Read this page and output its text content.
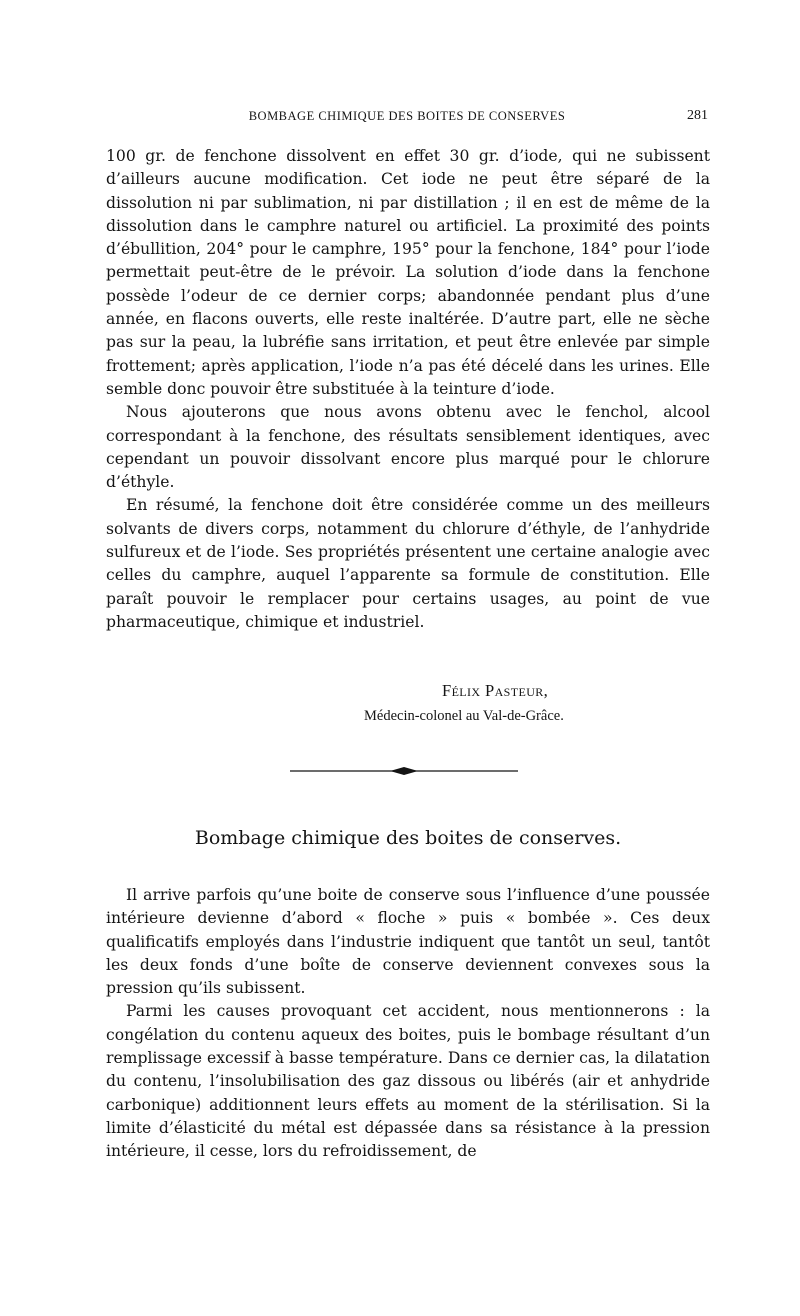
BOMBAGE CHIMIQUE DES BOITES DE CONSERVES	281

100 gr. de fenchone dissolvent en effet 30 gr. d’iode, qui ne subissent d’ailleurs aucune modification. Cet iode ne peut être séparé de la dissolution ni par sublimation, ni par distillation ; il en est de même de la dissolution dans le camphre naturel ou artificiel. La proximité des points d’ébullition, 204° pour le camphre, 195° pour la fenchone, 184° pour l’iode permettait peut-être de le prévoir. La solution d’iode dans la fenchone possède l’odeur de ce dernier corps; abandonnée pendant plus d’une année, en flacons ouverts, elle reste inaltérée. D’autre part, elle ne sèche pas sur la peau, la lubréfie sans irritation, et peut être enlevée par simple frottement; après application, l’iode n’a pas été décelé dans les urines. Elle semble donc pouvoir être substituée à la teinture d’iode.

Nous ajouterons que nous avons obtenu avec le fenchol, alcool correspondant à la fenchone, des résultats sensiblement identiques, avec cependant un pouvoir dissolvant encore plus marqué pour le chlorure d’éthyle.

En résumé, la fenchone doit être considérée comme un des meilleurs solvants de divers corps, notamment du chlorure d’éthyle, de l’anhydride sulfureux et de l’iode. Ses propriétés présentent une certaine analogie avec celles du camphre, auquel l’apparente sa formule de constitution. Elle paraît pouvoir le remplacer pour certains usages, au point de vue pharmaceutique, chimique et industriel.

Félix Pasteur,
Médecin-colonel au Val-de-Grâce.
Bombage chimique des boites de conserves.

Il arrive parfois qu’une boite de conserve sous l’influence d’une poussée intérieure devienne d’abord « floche » puis « bombée ». Ces deux qualificatifs employés dans l’industrie indiquent que tantôt un seul, tantôt les deux fonds d’une boîte de conserve deviennent convexes sous la pression qu’ils subissent.

Parmi les causes provoquant cet accident, nous mentionnerons : la congélation du contenu aqueux des boites, puis le bombage résultant d’un remplissage excessif à basse température. Dans ce dernier cas, la dilatation du contenu, l’insolubilisation des gaz dissous ou libérés (air et anhydride carbonique) additionnent leurs effets au moment de la stérilisation. Si la limite d’élasticité du métal est dépassée dans sa résistance à la pression intérieure, il cesse, lors du refroidissement, de
